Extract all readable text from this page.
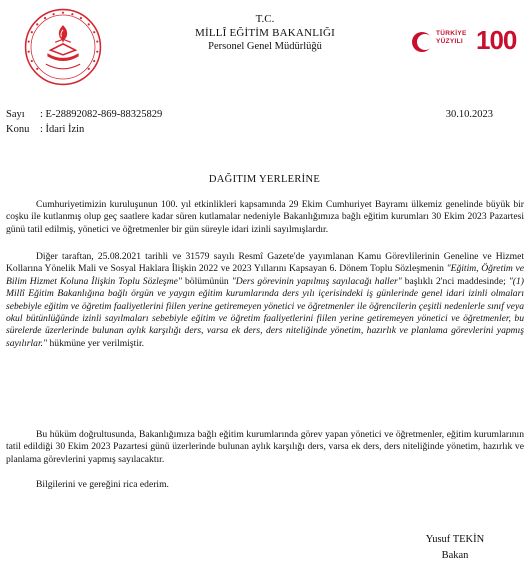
T.C.
MİLLÎ EĞİTİM BAKANLIĞI
Personel Genel Müdürlüğü
TÜRKİYE
YÜZYILI 100
Sayı : E-28892082-869-88325829	30.10.2023
Konu : İdari İzin
DAĞITIM YERLERİNE

Cumhuriyetimizin kuruluşunun 100. yıl etkinlikleri kapsamında 29 Ekim Cumhuriyet Bayramı ülkemiz genelinde büyük bir coşku ile kutlanmış olup geç saatlere kadar süren kutlamalar nedeniyle Bakanlığımıza bağlı eğitim kurumları 30 Ekim 2023 Pazartesi günü tatil edilmiş, yönetici ve öğretmenler bir gün süreyle idari izinli sayılmışlardır.

Diğer taraftan, 25.08.2021 tarihli ve 31579 sayılı Resmî Gazete'de yayımlanan Kamu Görevlilerinin Geneline ve Hizmet Kollarına Yönelik Mali ve Sosyal Haklara İlişkin 2022 ve 2023 Yıllarını Kapsayan 6. Dönem Toplu Sözleşmenin "Eğitim, Öğretim ve Bilim Hizmet Koluna İlişkin Toplu Sözleşme" bölümünün "Ders görevinin yapılmış sayılacağı haller" başlıklı 2'nci maddesinde; "(1) Millî Eğitim Bakanlığına bağlı örgün ve yaygın eğitim kurumlarında ders yılı içerisindeki iş günlerinde genel idari izinli olmaları sebebiyle eğitim ve öğretim faaliyetlerini fiilen yerine getiremeyen yönetici ve öğretmenler ile öğrencilerin çeşitli nedenlerle sınıf veya okul bütünlüğünde izinli sayılmaları sebebiyle eğitim ve öğretim faaliyetlerini fiilen yerine getiremeyen yönetici ve öğretmenler, bu sürelerde üzerlerinde bulunan aylık karşılığı ders, varsa ek ders, ders niteliğinde yönetim, hazırlık ve planlama görevlerini yapmış sayılırlar." hükmüne yer verilmiştir.

Bu hüküm doğrultusunda, Bakanlığımıza bağlı eğitim kurumlarında görev yapan yönetici ve öğretmenler, eğitim kurumlarının tatil edildiği 30 Ekim 2023 Pazartesi günü üzerlerinde bulunan aylık karşılığı ders, varsa ek ders, ders niteliğinde yönetim, hazırlık ve planlama görevlerini yapmış sayılacaktır.

Bilgilerini ve gereğini rica ederim.

Yusuf TEKİN
Bakan
